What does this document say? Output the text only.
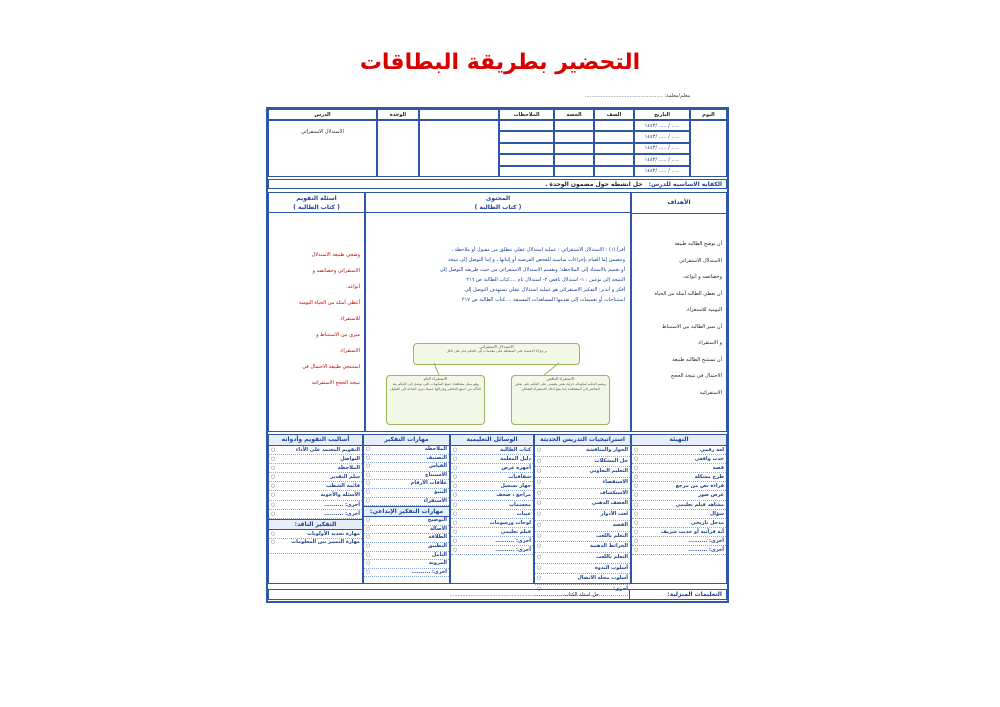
التحضير بطريقة البطاقات
معلم/معلمة: .................................................
اليوم
التاريخ
الصف
الحصة
الملاحظات
الوحدة
الدرس
..... / ..... /١٤٤٣
..... / ..... /١٤٤٣
..... / ..... /١٤٤٣
..... / ..... /١٤٤٣
..... / ..... /١٤٤٣
الاستدلال الاستقرائي
الكفايه الاساسيه للدرس:
حل انشطه حول مضمون الوحدة .
الأهداف
أن توضح الطالبة طبيعة
الاستدلال الاستقرائي
وخصائصه و أنواعه.
أن تعطي الطالبة أمثلة من الحياة
اليومية للاستقراء.
أن تميز الطالبة بين الاستنباط
و الاستقراء.
أن تستنتج الطالبة طبيعة
الاحتمال في نتيجة الحجج
الاستقرائية
المحتوى
( كتاب الطالبة )
أقرأ (١) : الاستدلال الاستقرائي : عملية استدلال عقلي تنطلق من مقبول أو ملاحظة ،
وتتضمن إما القيام بإجراءات مناسبة للفحص الفرضية أو إثباتها ، و إما التوصل إلى نتيجة
أو تعميم بالاستناد إلى الملاحظة؛ ويقسم الاستدلال الاستقرائي من حيث طريقة التوصل إلى
النتيجة إلى نوعين : ١- استدلال ناقص ٢- استدلال تام ....كتاب الطالبة ص ٢١٦
أفكر و أتدبر: التفكير الاستقرائي هو عملية استدلال عقلي تستهدف التوصل إلى
استنتاجات أو تعميمات إلى تقدمها المشاهدات المسبقة ....كتاب الطالبة ص ٢١٧
الاستدلال الاستقرائي
يرجع إلا الاعتماد على المشاهد على مقدمات إلى الحكم عام على الكل
الاستقراء الناقص
ويضم الحكم لمكوناته جزئية يعني يقيسي على الحكم على بعض العناصر إلى المشاهدة كما يتبع لذلك الاستقراء الشكلي
الاستقراء التام
وهو يمثل مشاهدة جميع المكونات التي توصل إلى الحكم بعد التأكد من جميع العناصر وإدراكها جميعا بدون الحاجة إلى التعليل
اسئله التقويم
( كتاب الطالبة )
وضحي طبيعة الاستدلال
الاستقرائي وخصائصه و
أنواعه.
أعطي أمثلة من الحياة اليومية
للاستقراء.
ميزي بين الاستنباط و
الاستقراء.
استنتجي طبيعة الاحتمال في
نتيجة الحجج الاستقرائية
التهيئة
لغة رقمي
○
حدث واقعي
○
قصة
○
طرح مشكلة
○
قراءة نص من مرجع
○
عرض صور
○
مشاهد فيلم تعليمي
○
سؤال
○
مدخل تاريخي
○
آية قرآنية أو حديث شريف
○
أخرى: ..........
○
أخرى: ..........
○
استراتيجيات التدريس الحديثة
الحوار والمناقشة
○
حل المشكلات
○
التعليم التعاوني
○
الاستقصاء
○
الاستكشاف
○
العصف الذهني
○
لعب الأدوار
○
القصة
○
التعلم باللعب
○
الخرائط الذهنية
○
التعلم باللعب
○
أسلوب الندوة
○
أسلوب مجلة الاتصال
○
أخرى: ..........
○
الوسائل التعليمية
كتاب الطالبة
○
دليل المعلمة
○
أجهزة عرض
○
شفافيات
○
جهاز تسجيل
○
مراجع ، صحف
○
مجسمات
○
عينات
○
لوحات ورسومات
○
فيلم تعليمي
○
أخرى: ..........
○
أخرى: ..........
○
مهارات التفكير
الملاحظة
○
التصنيف
○
القياس
○
الاستنتاج
○
علاقات الأرقام
○
التنبؤ
○
الاستقراء
○
مهارات التفكير الإبداعي:
التوضيح
○
الأصالة
○
الطلاقة
○
التطبيق
○
التأمل
○
المرونة
○
أخرى: ..........
○
أساليب التقويم وأدواته
التقويم المعتمد على الأداء
○
التواصل
○
الملاحظة
○
سلم التقدير
○
قائمة الشطب
○
الأسئلة والأجوبة
○
أخرى: ..........
○
أخرى: ..........
○
التفكير الناقد:
مهارة تحديد الأولويات
○
مهارة التمييز بين المعلومات
○
التعليمات المنزلية:
حل اسئلة الكتاب .......................................................................
